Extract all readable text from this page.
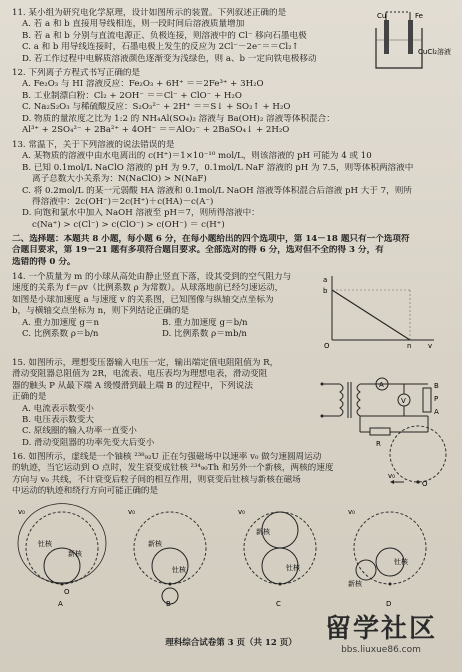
11. 某小组为研究电化学原理，设计如图所示的装置。下列叙述正确的是
A. 若 a 和 b 直接用导线相连，则一段时间后溶液质量增加
B. 若 a 和 b 分别与直流电源正、负极连接，则溶液中的 Cl⁻ 移向石墨电极
C. a 和 b 用导线连接时，石墨电极上发生的反应为 2Cl⁻－2e⁻＝＝Cl₂↑
D. 若工作过程中电解质溶液颜色逐渐变为浅绿色，则 a、b 一定向铁电极移动
Cu	Fe
CuCl₂溶液
12. 下列离子方程式书写正确的是
A. Fe₂O₃ 与 HI 溶液反应：Fe₂O₃ + 6H⁺ ＝＝2Fe³⁺ + 3H₂O
B. 工业制漂白粉：Cl₂ + 2OH⁻ ＝＝Cl⁻ + ClO⁻ + H₂O
C. Na₂S₂O₃ 与稀硫酸反应：S₂O₃²⁻ + 2H⁺ ＝＝S↓ + SO₂↑ + H₂O
D. 物质的量浓度之比为 1:2 的 NH₄Al(SO₄)₂ 溶液与 Ba(OH)₂ 溶液等体积混合：
Al³⁺ + 2SO₄²⁻ + 2Ba²⁺ + 4OH⁻ ＝＝AlO₂⁻ + 2BaSO₄↓ + 2H₂O
13. 常温下，关于下列溶液的说法错误的是
A. 某物质的溶液中由水电离出的 c(H⁺)＝1×10⁻¹⁰ mol/L，则该溶液的 pH 可能为 4 或 10
B. 已知 0.1mol/L NaClO 溶液的 pH 为 9.7，0.1mol/L NaF 溶液的 pH 为 7.5，则等体积两溶液中
离子总数大小关系为：N(NaClO) > N(NaF)
C. 将 0.2mol/L 的某一元弱酸 HA 溶液和 0.1mol/L NaOH 溶液等体积混合后溶液 pH 大于 7，则所
得溶液中：2c(OH⁻)＝2c(H⁺)＋c(HA)－c(A⁻)
D. 向饱和氯水中加入 NaOH 溶液至 pH＝7，则所得溶液中：
c(Na⁺) > c(Cl⁻) > c(ClO⁻) > c(OH⁻) ＝ c(H⁺)
二、选择题：本题共 8 小题，每小题 6 分，在每小题给出的四个选项中，第 14－18 题只有一个选项符
合题目要求，第 19－21 题有多项符合题目要求。全部选对的得 6 分，选对但不全的得 3 分，有
选错的得 0 分。
14. 一个质量为 m 的小球从高处由静止竖直下落，设其受到的空气阻力与
速度的关系为 f＝ρv（比例系数 ρ 为常数）。从球落地前已经匀速运动，
如图是小球加速度 a 与速度 v 的关系图，已知图像与纵轴交点坐标为
b，与横轴交点坐标为 n，则下列结论正确的是
A. 重力加速度 g＝n	B. 重力加速度 g＝b/n
C. 比例系数 ρ＝b/n	D. 比例系数 ρ＝mb/n
a
v
b
n
O
15. 如图所示，理想变压器输入电压一定，输出端定值电阻阻值为 R，
滑动变阻器总阻值为 2R，电流表、电压表均为理想电表，滑动变阻
器的触头 P 从最下端 A 缓慢滑到最上端 B 的过程中，下列说法
正确的是
A. 电流表示数变小
B. 电压表示数变大
C. 原线圈的输入功率一直变小
D. 滑动变阻器的功率先变大后变小
A
V
B
A
P
R
16. 如图所示，虚线是一个铀核 ²³⁸₉₂U 正在匀强磁场中以速率 v₀ 做匀速圆周运动
的轨迹，当它运动到 O 点时，发生衰变成钍核 ²³⁴₉₀Th 和另外一个新核，两核的速度
方向与 v₀ 共线，不计衰变后粒子间的相互作用，则衰变后钍核与新核在磁场
中运动的轨迹和绕行方向可能正确的是
O
v₀
钍核
新核
v₀
O
A
新核
钍核
v₀
B
钍核
新核
v₀
C
钍核
新核
v₀
D
理科综合试卷第 3 页（共 12 页）	留学社区
bbs.liuxue86.com
